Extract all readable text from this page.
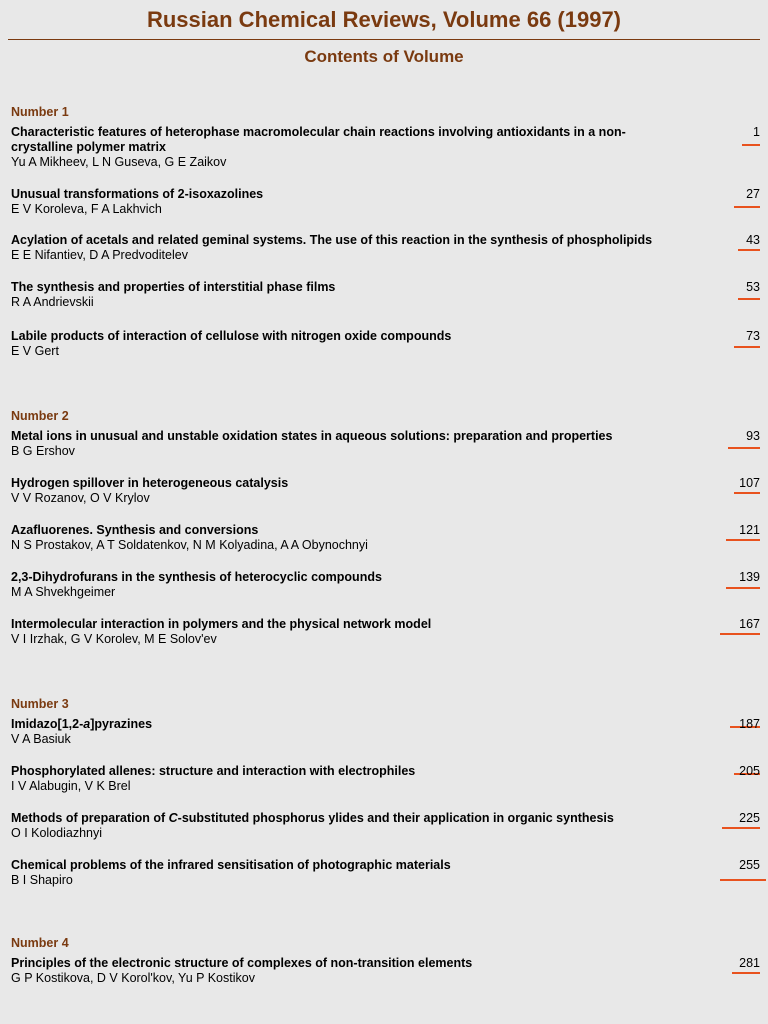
Russian Chemical Reviews, Volume 66 (1997)
Contents of Volume
Number 1
Characteristic features of heterophase macromolecular chain reactions involving antioxidants in a non-crystalline polymer matrix
Yu A Mikheev, L N Guseva, G E Zaikov
1
Unusual transformations of 2-isoxazolines
E V Koroleva, F A Lakhvich
27
Acylation of acetals and related geminal systems. The use of this reaction in the synthesis of phospholipids
E E Nifantiev, D A Predvoditelev
43
The synthesis and properties of interstitial phase films
R A Andrievskii
53
Labile products of interaction of cellulose with nitrogen oxide compounds
E V Gert
73
Number 2
Metal ions in unusual and unstable oxidation states in aqueous solutions: preparation and properties
B G Ershov
93
Hydrogen spillover in heterogeneous catalysis
V V Rozanov, O V Krylov
107
Azafluorenes. Synthesis and conversions
N S Prostakov, A T Soldatenkov, N M Kolyadina, A A Obynochnyi
121
2,3-Dihydrofurans in the synthesis of heterocyclic compounds
M A Shvekhgeimer
139
Intermolecular interaction in polymers and the physical network model
V I Irzhak, G V Korolev, M E Solov'ev
167
Number 3
Imidazo[1,2-a]pyrazines
V A Basiuk
187
Phosphorylated allenes: structure and interaction with electrophiles
I V Alabugin, V K Brel
205
Methods of preparation of C-substituted phosphorus ylides and their application in organic synthesis
O I Kolodiazhnyi
225
Chemical problems of the infrared sensitisation of photographic materials
B I Shapiro
255
Number 4
Principles of the electronic structure of complexes of non-transition elements
G P Kostikova, D V Korol'kov, Yu P Kostikov
281
